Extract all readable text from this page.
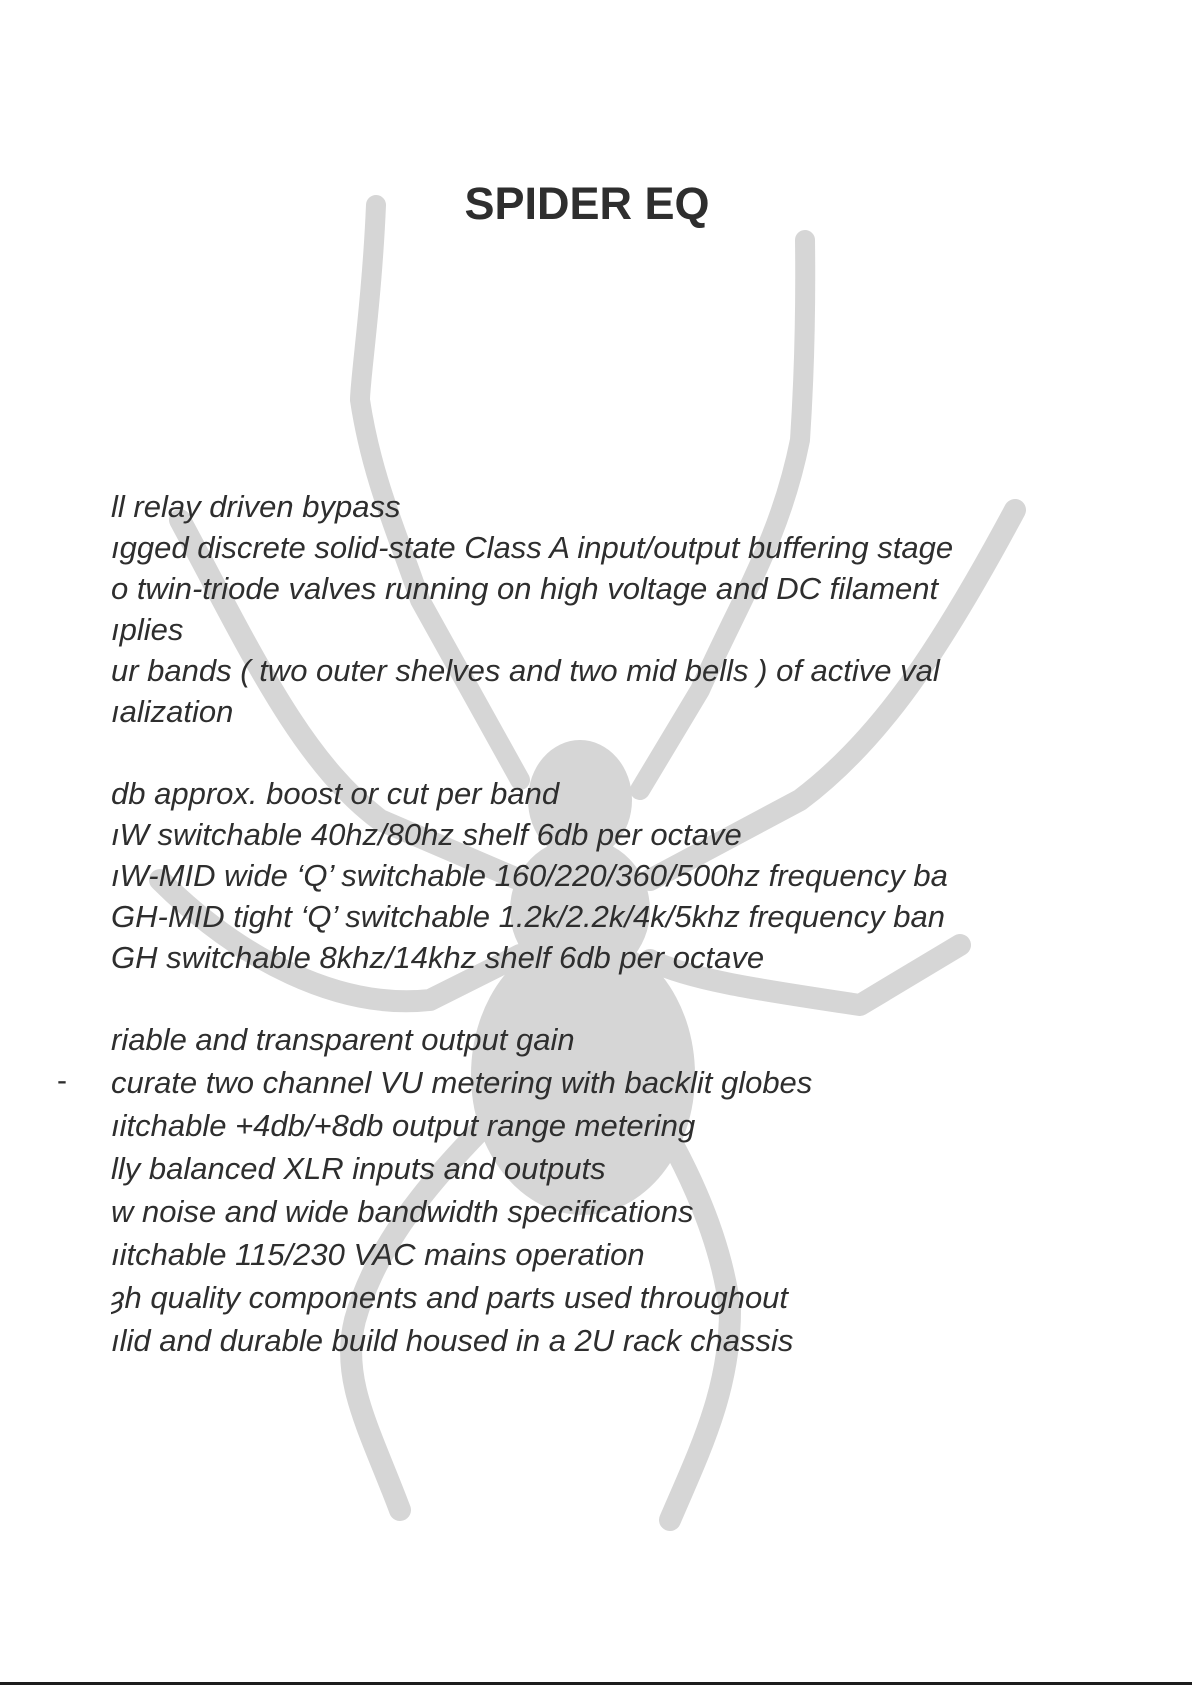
SPIDER EQ
ll relay driven bypass
ıgged discrete solid-state Class A input/output buffering stage
o twin-triode valves running on high voltage and DC filament
ıplies
ur bands ( two outer shelves and two mid bells ) of active val
ıalization
db approx. boost or cut per band
ıW switchable 40hz/80hz shelf 6db per octave
ıW-MID wide ‘Q’ switchable 160/220/360/500hz frequency ba
GH-MID tight ‘Q’ switchable 1.2k/2.2k/4k/5khz frequency ban
GH switchable 8khz/14khz shelf 6db per octave
riable and transparent output gain
curate two channel VU metering with backlit globes
ıitchable +4db/+8db output range metering
lly balanced XLR inputs and outputs
w noise and wide bandwidth specifications
ıitchable 115/230 VAC mains operation
ȝh quality components and parts used throughout
ılid and durable build housed in a 2U rack chassis
-
